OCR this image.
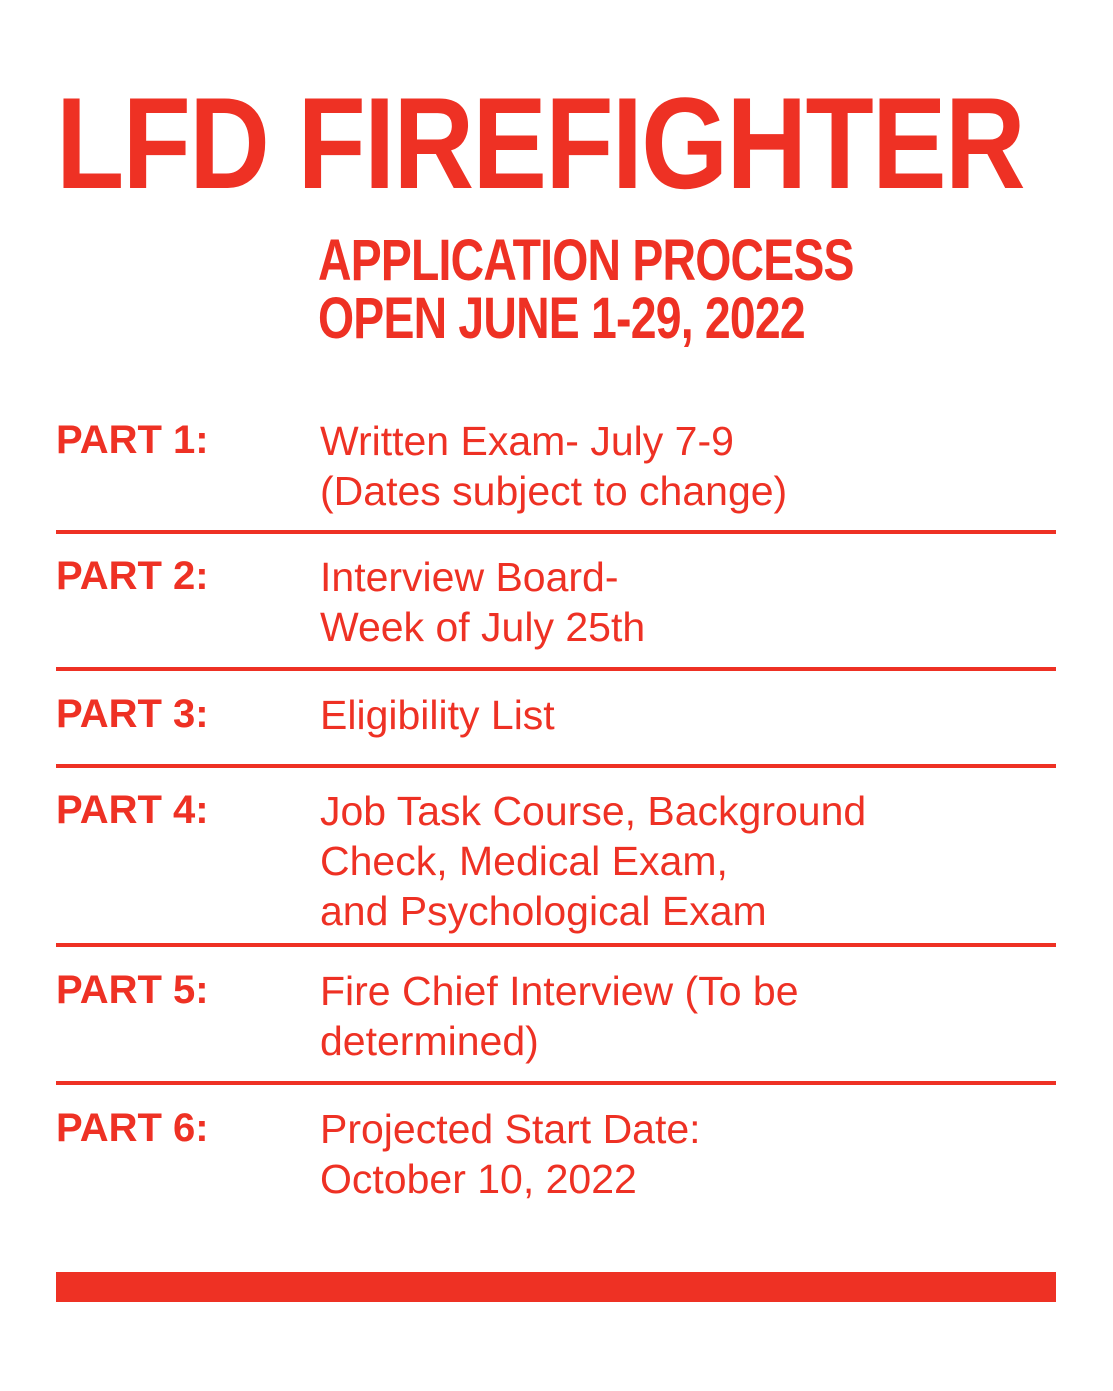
LFD FIREFIGHTER
APPLICATION PROCESS
OPEN JUNE 1-29, 2022
PART 1:	Written Exam- July 7-9
(Dates subject to change)
PART 2:	Interview Board-
Week of July 25th
PART 3:	Eligibility List
PART 4:	Job Task Course, Background
Check, Medical Exam,
and Psychological Exam
PART 5:	Fire Chief Interview (To be
determined)
PART 6:	Projected Start Date:
October 10, 2022
